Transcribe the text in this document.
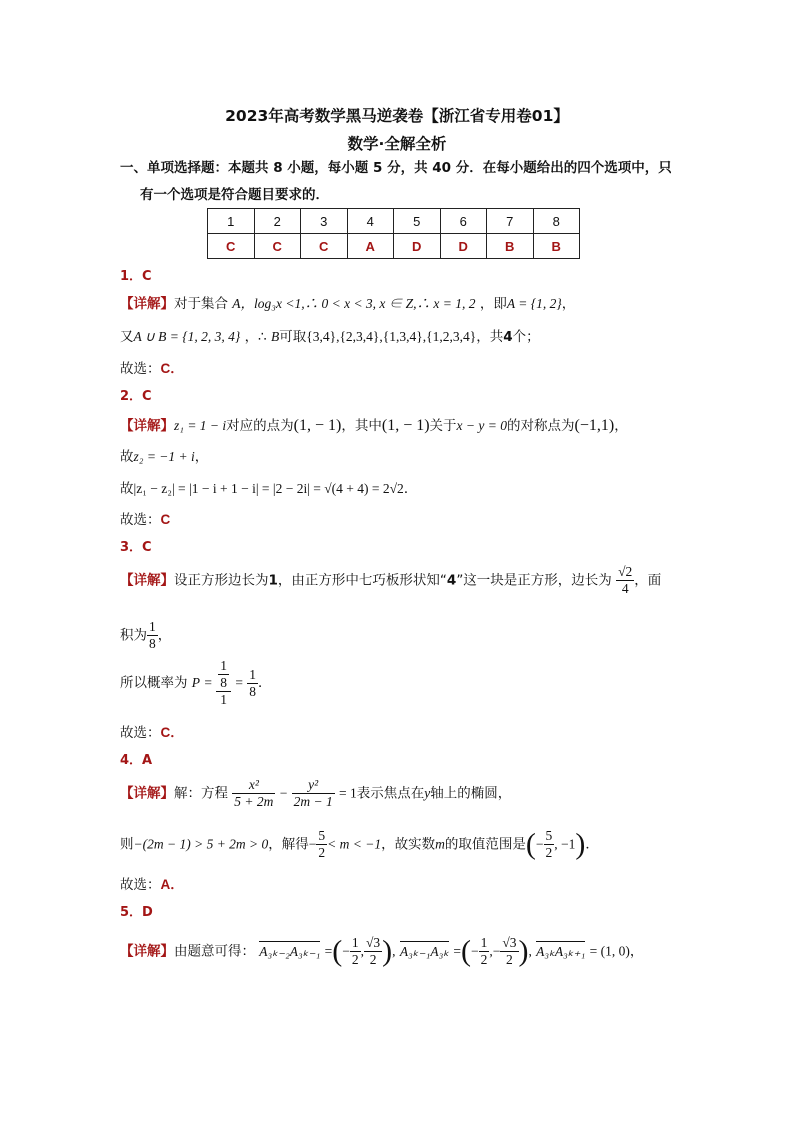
2023年高考数学黑马逆袭卷【浙江省专用卷01】
数学·全解全析
一、单项选择题：本题共 8 小题，每小题 5 分，共 40 分．在每小题给出的四个选项中，只
有一个选项是符合题目要求的．
1	2	3	4	5	6	7	8
C	C	C	A	D	D	B	B
1．C
【详解】对于集合 A，log₃x <1,∴ 0 < x < 3, x ∈ Z,∴ x = 1, 2 ，即A = {1, 2}，
又A ∪ B = {1, 2, 3, 4} ，∴ B可取{3,4},{2,3,4},{1,3,4},{1,2,3,4}，共4个；
故选：C．
2．C
【详解】z₁ = 1 − i对应的点为(1, − 1)，其中(1, − 1)关于x − y = 0的对称点为(−1,1)，
故z₂ = −1 + i，
故|z₁ − z₂| = |1 − i + 1 − i| = |2 − 2i| = √(4 + 4) = 2√2．
故选：C
3．C
【详解】设正方形边长为1，由正方形中七巧板形状知“4”这一块是正方形，边长为 $\frac{√2}{4}$ ，面
积为 $\frac{1}{8}$ ，
所以概率为 $P = \frac{\frac{1}{8}}{1} = \frac{1}{8}$ ．
故选：C．
4．A
【详解】解：方程 $\frac{\text{x²}}{5 + 2m} - \frac{\text{y²}}{2m - 1} = 1$表示焦点在y轴上的椭圆，
则−(2m − 1) > 5 + 2m > 0，解得− $\frac{5}{2} < m < -1$，故实数m的取值范围是(− $\frac{5}{2}$ , −1)．
故选：A．
5．D
【详解】由题意可得： A₃ₖ₋₂A₃ₖ₋₁ =(− $\frac{1}{2}$ , $\frac{√3}{2}$ ), A₃ₖ₋₁A₃ₖ =(− $\frac{1}{2}$ ,− $\frac{√3}{2}$ ), A₃ₖA₃ₖ₊₁ = (1, 0)，
